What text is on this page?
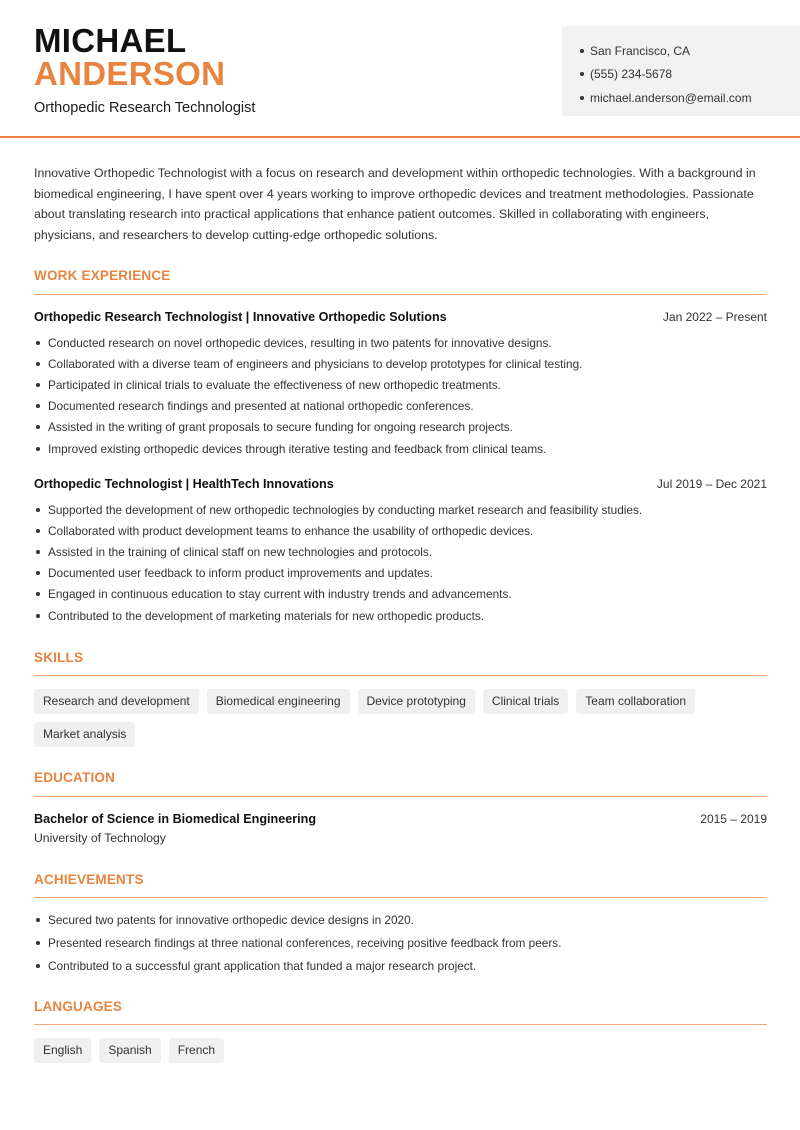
MICHAEL
ANDERSON
Orthopedic Research Technologist
San Francisco, CA
(555) 234-5678
michael.anderson@email.com

Innovative Orthopedic Technologist with a focus on research and development within orthopedic technologies. With a background in biomedical engineering, I have spent over 4 years working to improve orthopedic devices and treatment methodologies. Passionate about translating research into practical applications that enhance patient outcomes. Skilled in collaborating with engineers, physicians, and researchers to develop cutting-edge orthopedic solutions.

WORK EXPERIENCE
Orthopedic Research Technologist | Innovative Orthopedic Solutions	Jan 2022 – Present
Conducted research on novel orthopedic devices, resulting in two patents for innovative designs.
Collaborated with a diverse team of engineers and physicians to develop prototypes for clinical testing.
Participated in clinical trials to evaluate the effectiveness of new orthopedic treatments.
Documented research findings and presented at national orthopedic conferences.
Assisted in the writing of grant proposals to secure funding for ongoing research projects.
Improved existing orthopedic devices through iterative testing and feedback from clinical teams.
Orthopedic Technologist | HealthTech Innovations	Jul 2019 – Dec 2021
Supported the development of new orthopedic technologies by conducting market research and feasibility studies.
Collaborated with product development teams to enhance the usability of orthopedic devices.
Assisted in the training of clinical staff on new technologies and protocols.
Documented user feedback to inform product improvements and updates.
Engaged in continuous education to stay current with industry trends and advancements.
Contributed to the development of marketing materials for new orthopedic products.
SKILLS
Research and development	Biomedical engineering	Device prototyping	Clinical trials	Team collaboration
Market analysis
EDUCATION
Bachelor of Science in Biomedical Engineering	2015 – 2019
University of Technology
ACHIEVEMENTS
Secured two patents for innovative orthopedic device designs in 2020.
Presented research findings at three national conferences, receiving positive feedback from peers.
Contributed to a successful grant application that funded a major research project.
LANGUAGES
English	Spanish	French
